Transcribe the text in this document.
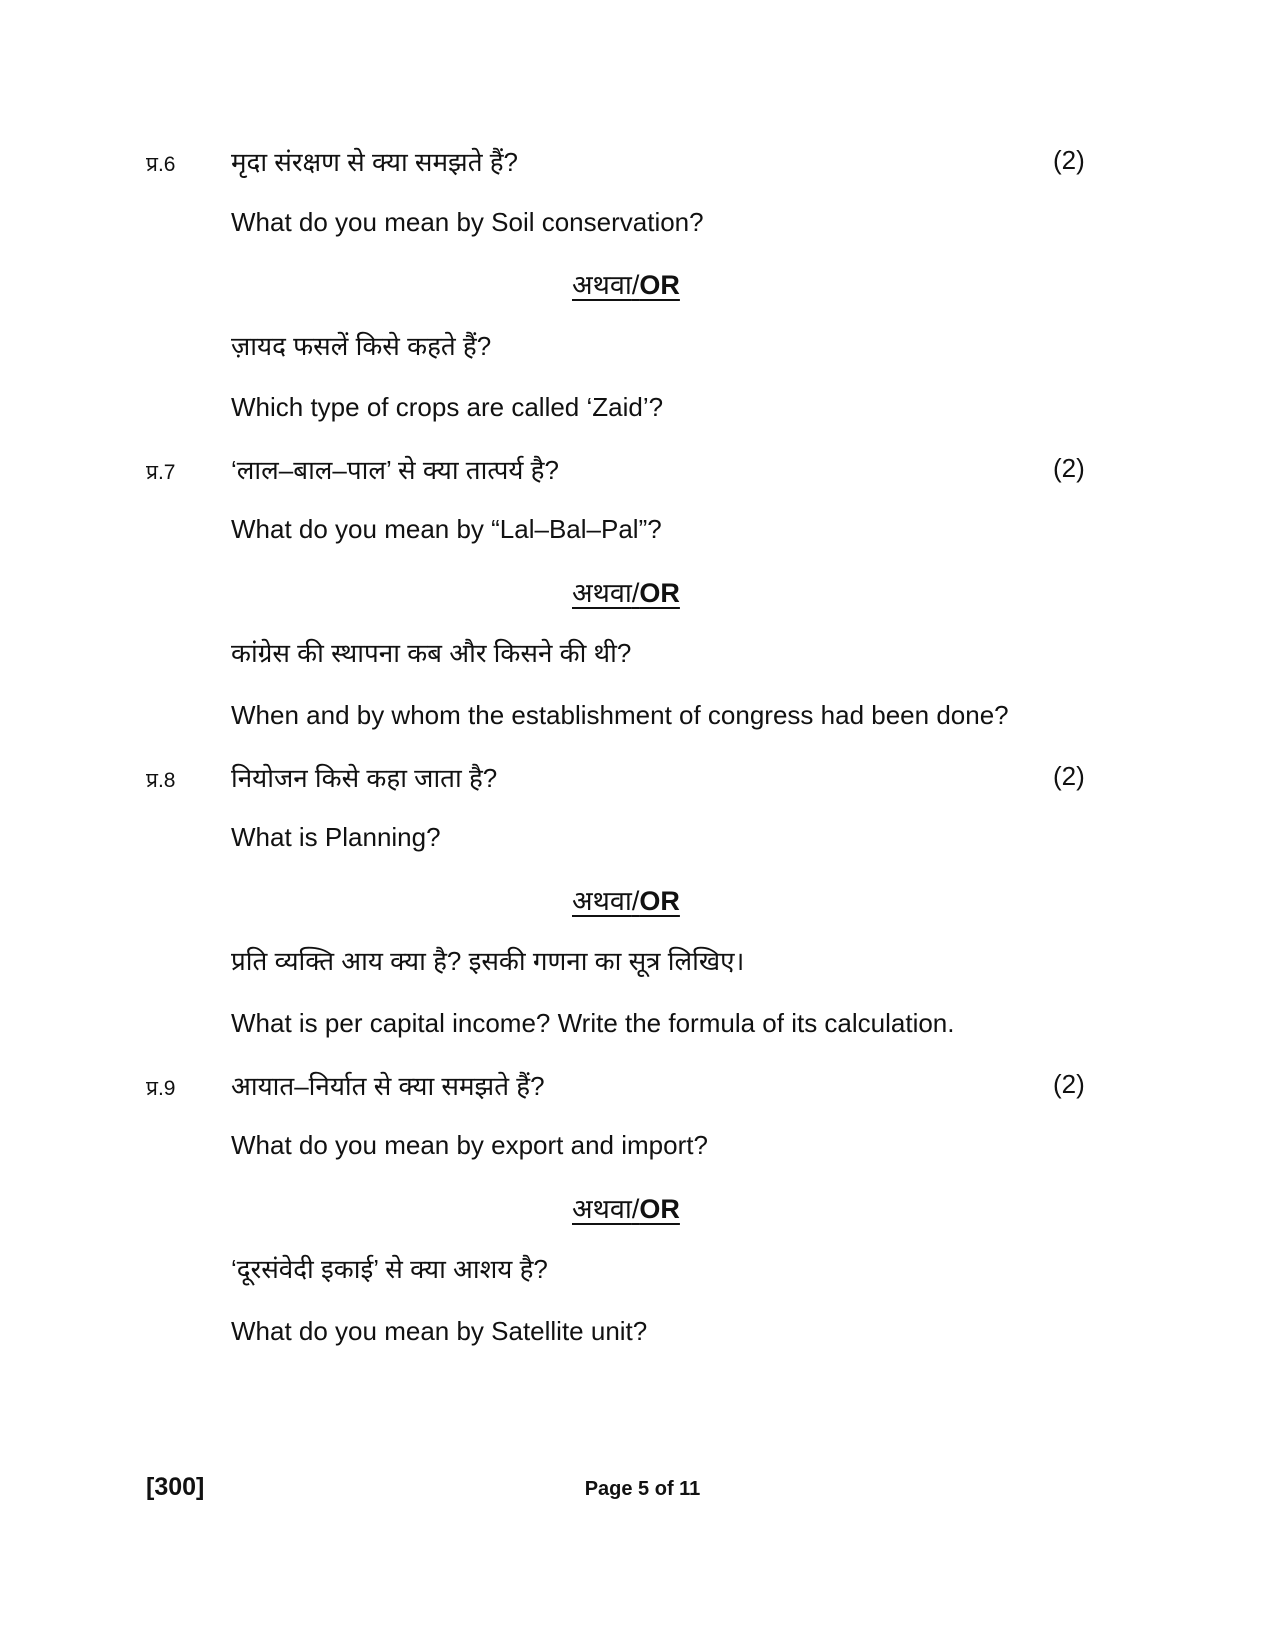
प्र.6 मृदा संरक्षण से क्या समझते हैं?	(2)
What do you mean by Soil conservation?
अथवा/OR
ज़ायद फसलें किसे कहते हैं?
Which type of crops are called ‘Zaid’?
प्र.7 ‘लाल–बाल–पाल’ से क्या तात्पर्य है?	(2)
What do you mean by “Lal–Bal–Pal”?
अथवा/OR
कांग्रेस की स्थापना कब और किसने की थी?
When and by whom the establishment of congress had been done?
प्र.8 नियोजन किसे कहा जाता है?	(2)
What is Planning?
अथवा/OR
प्रति व्यक्ति आय क्या है? इसकी गणना का सूत्र लिखिए।
What is per capital income? Write the formula of its calculation.
प्र.9 आयात–निर्यात से क्या समझते हैं?	(2)
What do you mean by export and import?
अथवा/OR
‘दूरसंवेदी इकाई’ से क्या आशय है?
What do you mean by Satellite unit?
[300]	Page 5 of 11
